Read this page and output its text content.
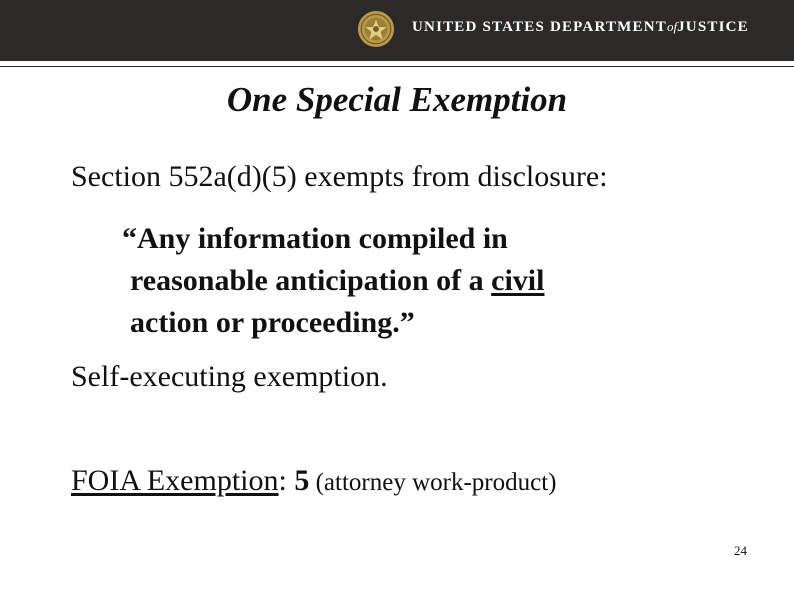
UNITED STATES DEPARTMENTofJUSTICE
One Special Exemption
Section 552a(d)(5) exempts from disclosure:
“Any information compiled in
reasonable anticipation of a civil
action or proceeding.”
Self-executing exemption.
FOIA Exemption: 5 (attorney work-product)
24
